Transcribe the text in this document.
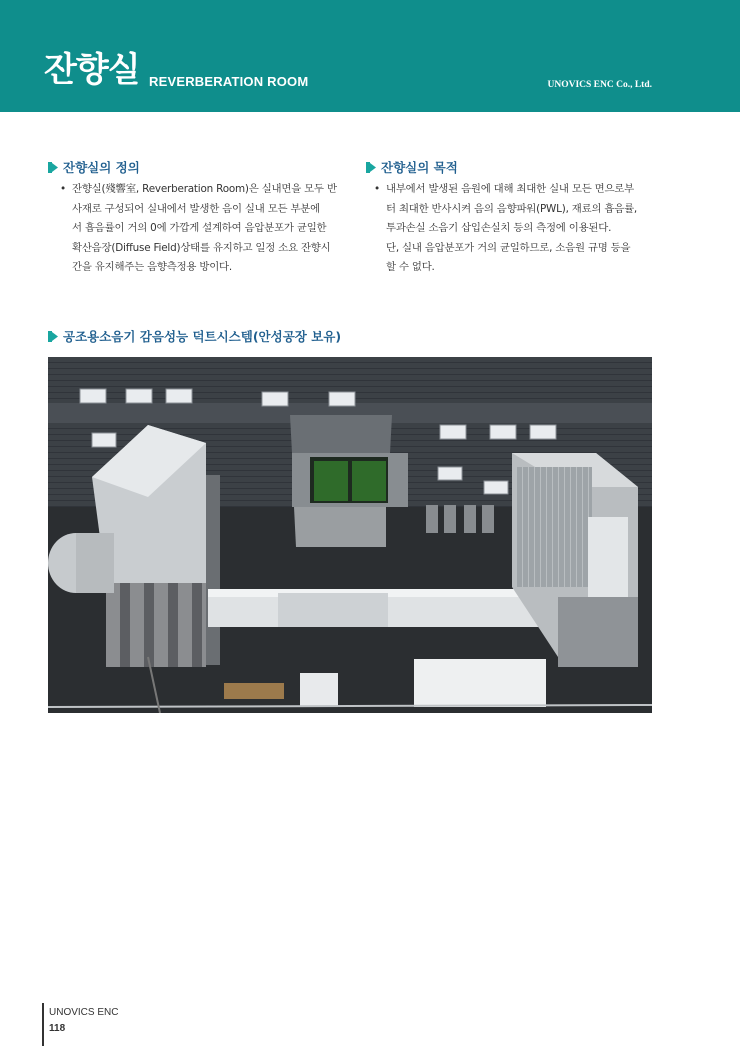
잔향실 REVERBERATION ROOM	UNOVICS ENC Co., Ltd.
잔향실의 정의
• 잔향실(殘響室, Reverberation Room)은 실내면을 모두 반
사재로 구성되어 실내에서 발생한 음이 실내 모든 부분에
서 흡음률이 거의 0에 가깝게 설계하여 음압분포가 균일한
확산음장(Diffuse Field)상태를 유지하고 일정 소요 잔향시
간을 유지해주는 음향측정용 방이다.
잔향실의 목적
• 내부에서 발생된 음원에 대해 최대한 실내 모든 면으로부
터 최대한 반사시켜 음의 음향파워(PWL), 재료의 흡음률,
투과손실 소음기 삽입손실치 등의 측정에 이용된다.
단, 실내 음압분포가 거의 균일하므로, 소음원 규명 등을
할 수 없다.
공조용소음기 감음성능 덕트시스템(안성공장 보유)
UNOVICS ENC
118
